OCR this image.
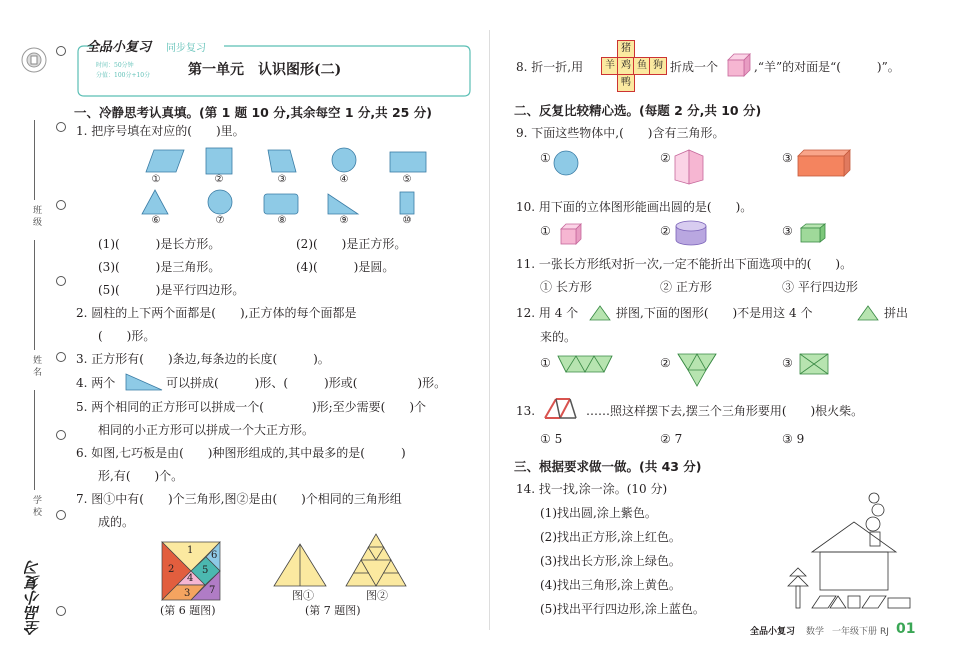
班 级
姓 名
学 校
全品小复习
全品小复习 同步复习
时间：50分钟
分值：100分+10分	第一单元　认识图形(二)
一、冷静思考认真填。(第 1 题 10 分,其余每空 1 分,共 25 分)
1. 把序号填在对应的(　　)里。
①	②	③	④	⑤
⑥	⑦	⑧	⑨	⑩
(1)(　　　)是长方形。	(2)(　　)是正方形。
(3)(　　　)是三角形。	(4)(　　　)是圆。
(5)(　　　)是平行四边形。
2. 圆柱的上下两个面都是(　　),正方体的每个面都是
(　　)形。
3. 正方形有(　　)条边,每条边的长度(　　　)。
4. 两个	可以拼成(　　　)形、(　　　)形或(　　　　　)形。
5. 两个相同的正方形可以拼成一个(　　　　)形;至少需要(　　)个
相同的小正方形可以拼成一个大正方形。
6. 如图,七巧板是由(　　)种图形组成的,其中最多的是(　　　)
形,有(　　)个。
7. 图①中有(　　)个三角形,图②是由(　　)个相同的三角形组
成的。
1
2
3
4
5
6
7
(第 6 题图)
图①	图②
(第 7 题图)
8. 折一折,用
猪
羊 鸡 鱼 狗
鸭
折成一个	,“羊”的对面是“(　　　)”。
二、反复比较精心选。(每题 2 分,共 10 分)
9. 下面这些物体中,(　　)含有三角形。
①	②	③
10. 用下面的立体图形能画出圆的是(　　)。
①	②	③
11. 一张长方形纸对折一次,一定不能折出下面选项中的(　　)。
① 长方形	② 正方形	③ 平行四边形
12. 用 4 个	拼图,下面的图形(　　)不是用这 4 个	拼出
来的。
①	②	③
13.	……照这样摆下去,摆三个三角形要用(　　)根火柴。
① 5	② 7	③ 9
三、根据要求做一做。(共 43 分)
14. 找一找,涂一涂。(10 分)
(1)找出圆,涂上紫色。
(2)找出正方形,涂上红色。
(3)找出长方形,涂上绿色。
(4)找出三角形,涂上黄色。
(5)找出平行四边形,涂上蓝色。
全品小复习 数学 一年级下册 RJ 01
